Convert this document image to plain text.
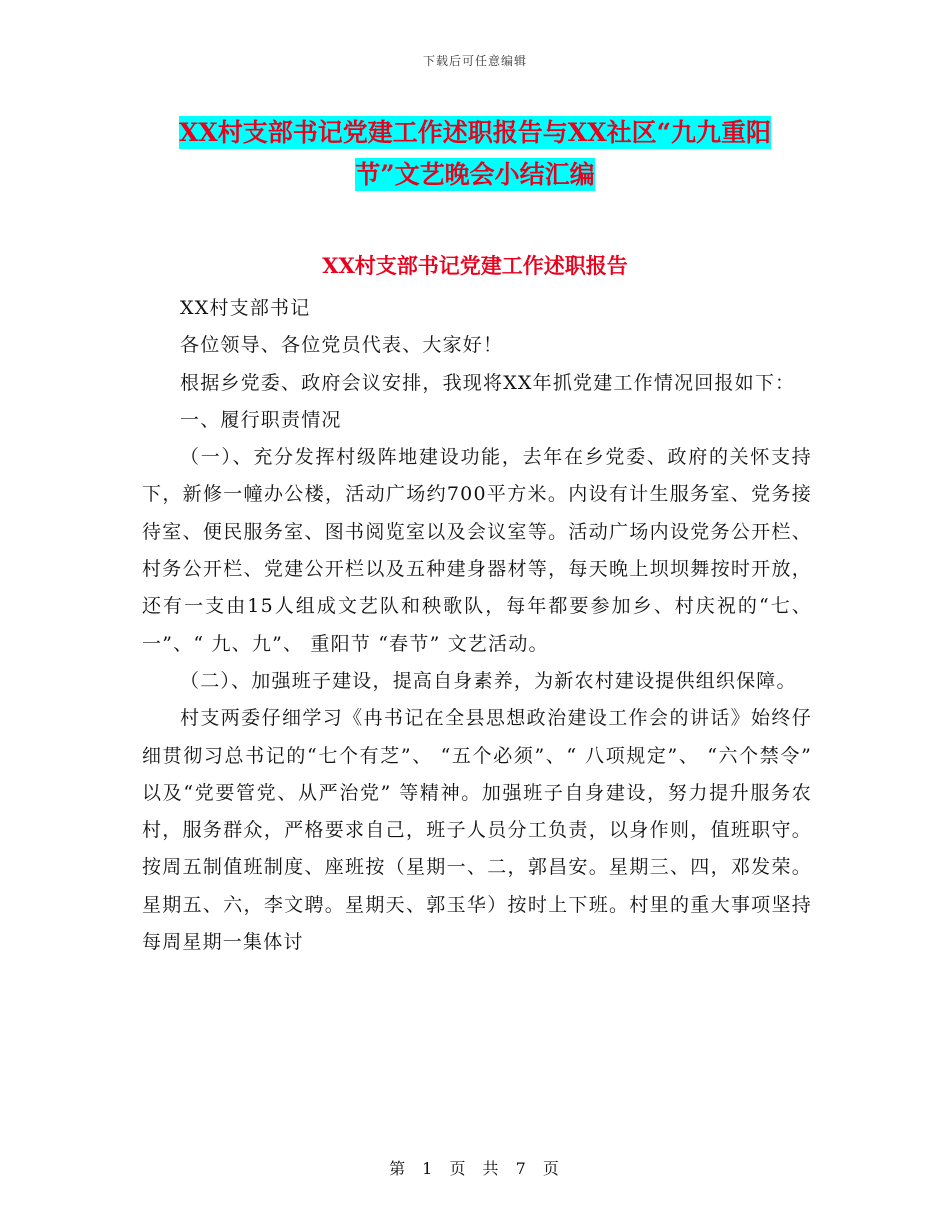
下载后可任意编辑
XX村支部书记党建工作述职报告与XX社区“九九重阳
节”文艺晚会小结汇编
XX村支部书记党建工作述职报告

XX村支部书记

各位领导、各位党员代表、大家好！

根据乡党委、政府会议安排，我现将XX年抓党建工作情况回报如下：

一、履行职责情况

（一）、充分发挥村级阵地建设功能，去年在乡党委、政府的关怀支持下，新修一幢办公楼，活动广场约700平方米。内设有计生服务室、党务接待室、便民服务室、图书阅览室以及会议室等。活动广场内设党务公开栏、村务公开栏、党建公开栏以及五种建身器材等，每天晚上坝坝舞按时开放，还有一支由15人组成文艺队和秧歌队，每年都要参加乡、村庆祝的“七、一”、“ 九、九”、 重阳节 “春节” 文艺活动。

（二）、加强班子建设，提高自身素养，为新农村建设提供组织保障。

村支两委仔细学习《冉书记在全县思想政治建设工作会的讲话》始终仔细贯彻习总书记的“七个有芝”、 “五个必须”、“ 八项规定”、 “六个禁令” 以及“党要管党、从严治党” 等精神。加强班子自身建设，努力提升服务农村，服务群众，严格要求自己，班子人员分工负责，以身作则，值班职守。按周五制值班制度、座班按（星期一、二，郭昌安。星期三、四，邓发荣。星期五、六，李文聘。星期天、郭玉华）按时上下班。村里的重大事项坚持每周星期一集体讨

第 1 页 共 7 页
